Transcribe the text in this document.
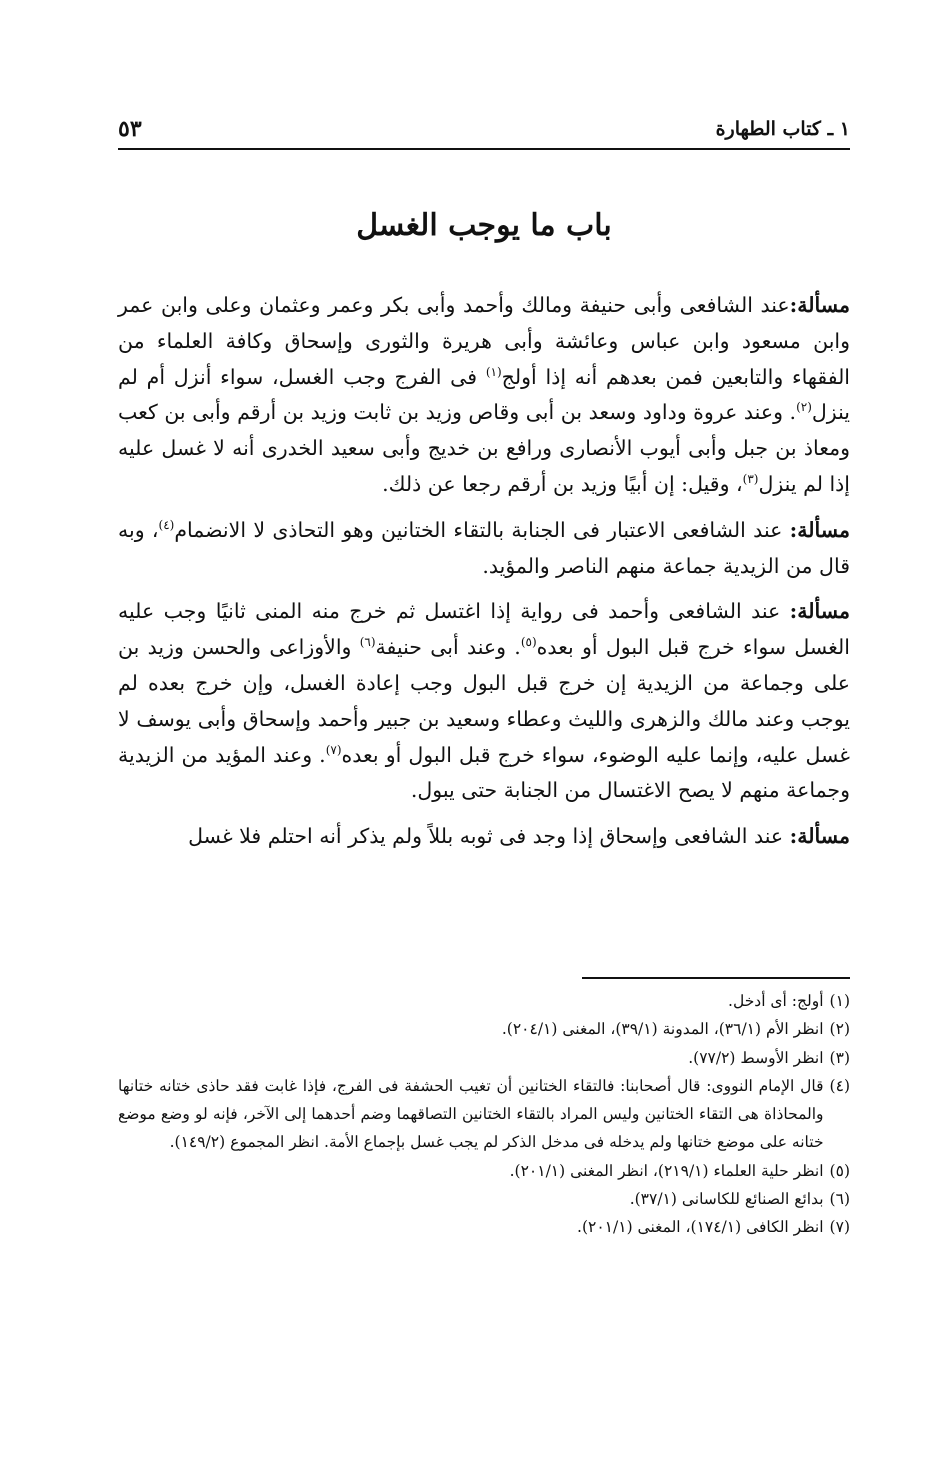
١ ـ كتاب الطهارة
٥٣
باب ما يوجب الغسل

مسألة:عند الشافعى وأبى حنيفة ومالك وأحمد وأبى بكر وعمر وعثمان وعلى وابن عمر وابن مسعود وابن عباس وعائشة وأبى هريرة والثورى وإسحاق وكافة العلماء من الفقهاء والتابعين فمن بعدهم أنه إذا أولج$^{(١)}$ فى الفرج وجب الغسل، سواء أنزل أم لم ينزل$^{(٢)}$. وعند عروة وداود وسعد بن أبى وقاص وزيد بن ثابت وزيد بن أرقم وأبى بن كعب ومعاذ بن جبل وأبى أيوب الأنصارى ورافع بن خديج وأبى سعيد الخدرى أنه لا غسل عليه إذا لم ينزل$^{(٣)}$، وقيل: إن أبيًا وزيد بن أرقم رجعا عن ذلك.

مسألة: عند الشافعى الاعتبار فى الجنابة بالتقاء الختانين وهو التحاذى لا الانضمام$^{(٤)}$، وبه قال من الزيدية جماعة منهم الناصر والمؤيد.

مسألة: عند الشافعى وأحمد فى رواية إذا اغتسل ثم خرج منه المنى ثانيًا وجب عليه الغسل سواء خرج قبل البول أو بعده$^{(٥)}$. وعند أبى حنيفة$^{(٦)}$ والأوزاعى والحسن وزيد بن على وجماعة من الزيدية إن خرج قبل البول وجب إعادة الغسل، وإن خرج بعده لم يوجب وعند مالك والزهرى والليث وعطاء وسعيد بن جبير وأحمد وإسحاق وأبى يوسف لا غسل عليه، وإنما عليه الوضوء، سواء خرج قبل البول أو بعده$^{(٧)}$. وعند المؤيد من الزيدية وجماعة منهم لا يصح الاغتسال من الجنابة حتى يبول.

مسألة: عند الشافعى وإسحاق إذا وجد فى ثوبه بللاً ولم يذكر أنه احتلم فلا غسل

(١)
أولج: أى أدخل.
(٢)
انظر الأم (٣٦/١)، المدونة (٣٩/١)، المغنى (٢٠٤/١).
(٣)
انظر الأوسط (٧٧/٢).
(٤)
قال الإمام النووى: قال أصحابنا: فالتقاء الختانين أن تغيب الحشفة فى الفرج، فإذا غابت فقد حاذى ختانه ختانها والمحاذاة هى التقاء الختانين وليس المراد بالتقاء الختانين التصاقهما وضم أحدهما إلى الآخر، فإنه لو وضع موضع ختانه على موضع ختانها ولم يدخله فى مدخل الذكر لم يجب غسل بإجماع الأمة. انظر المجموع (١٤٩/٢).
(٥)
انظر حلية العلماء (٢١٩/١)، انظر المغنى (٢٠١/١).
(٦)
بدائع الصنائع للكاسانى (٣٧/١).
(٧)
انظر الكافى (١٧٤/١)، المغنى (٢٠١/١).
